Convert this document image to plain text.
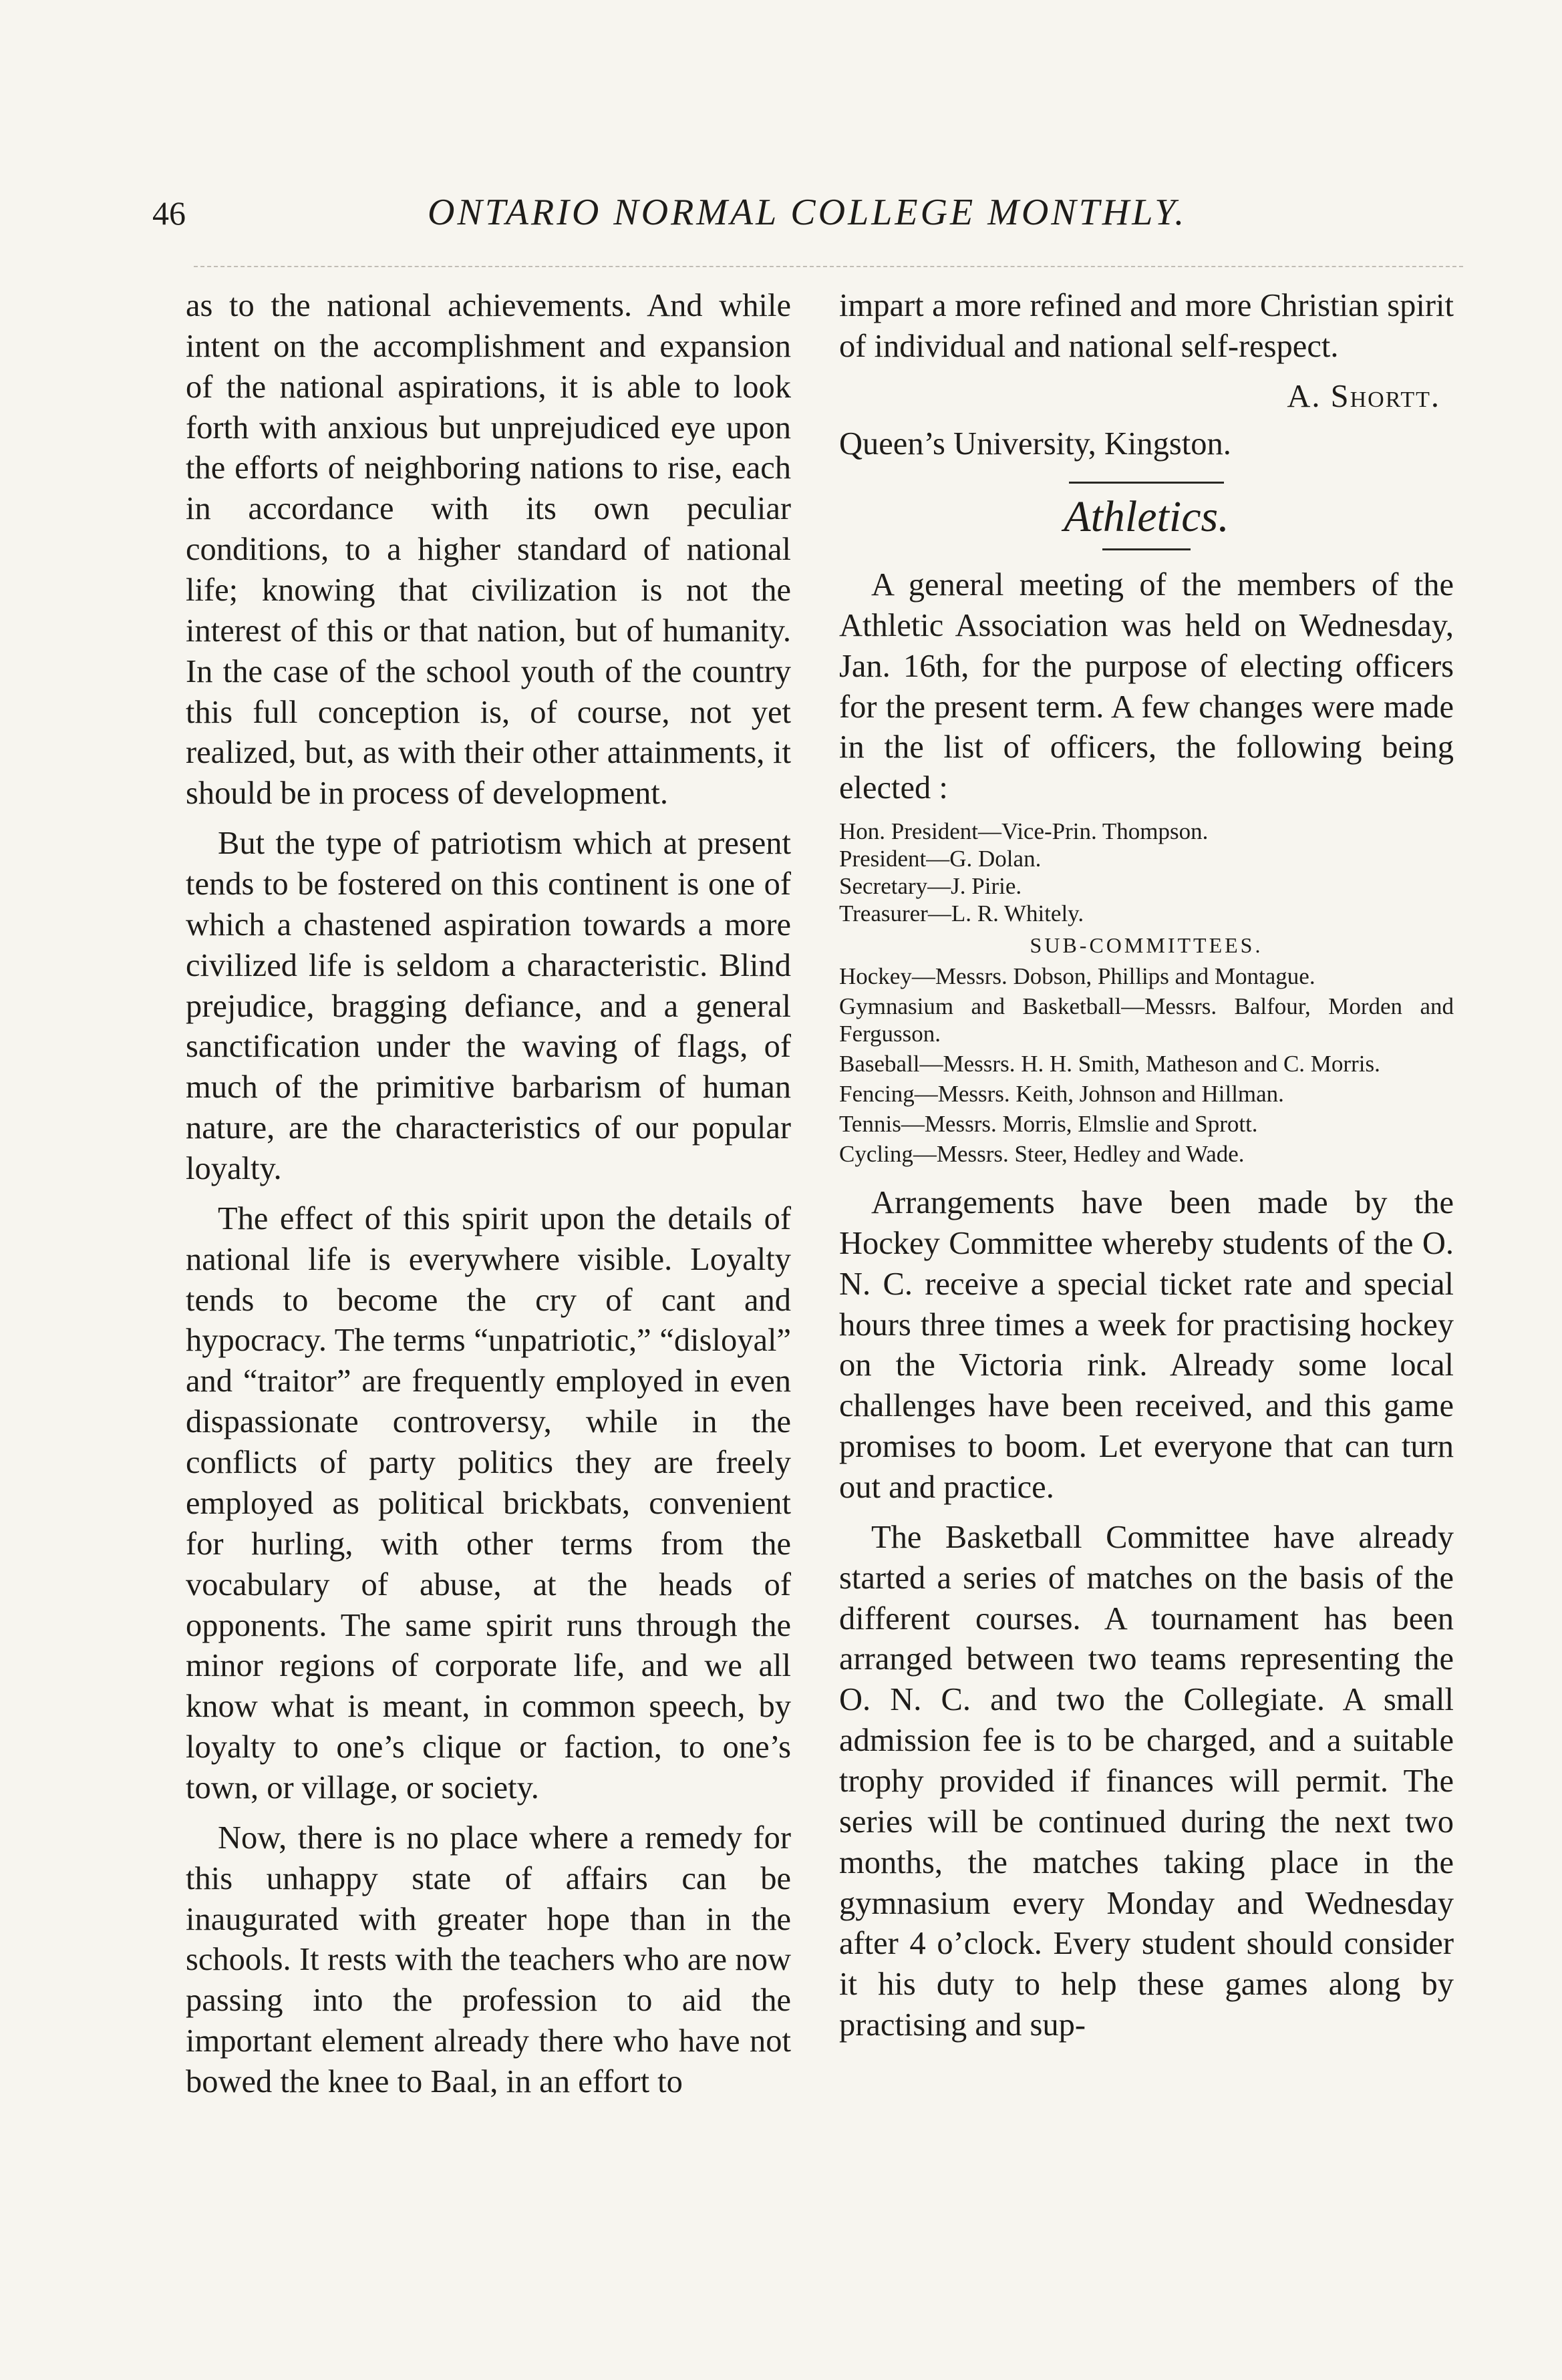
46	ONTARIO NORMAL COLLEGE MONTHLY.

as to the national achievements. And while intent on the accomplishment and expansion of the national aspirations, it is able to look forth with anxious but unprejudiced eye upon the efforts of neighboring nations to rise, each in accordance with its own peculiar conditions, to a higher standard of national life; knowing that civilization is not the interest of this or that nation, but of humanity. In the case of the school youth of the country this full conception is, of course, not yet realized, but, as with their other attainments, it should be in process of development.

But the type of patriotism which at present tends to be fostered on this continent is one of which a chastened aspiration towards a more civilized life is seldom a characteristic. Blind prejudice, bragging defiance, and a general sanctification under the waving of flags, of much of the primitive barbarism of human nature, are the characteristics of our popular loyalty.

The effect of this spirit upon the details of national life is everywhere visible. Loyalty tends to become the cry of cant and hypocracy. The terms “unpatriotic,” “disloyal” and “traitor” are frequently employed in even dispassionate controversy, while in the conflicts of party politics they are freely employed as political brickbats, convenient for hurling, with other terms from the vocabulary of abuse, at the heads of opponents. The same spirit runs through the minor regions of corporate life, and we all know what is meant, in common speech, by loyalty to one’s clique or faction, to one’s town, or village, or society.

Now, there is no place where a remedy for this unhappy state of affairs can be inaugurated with greater hope than in the schools. It rests with the teachers who are now passing into the profession to aid the important element already there who have not bowed the knee to Baal, in an effort to

impart a more refined and more Christian spirit of individual and national self-respect.

A. Shortt.
Queen’s University, Kingston.
Athletics.

A general meeting of the members of the Athletic Association was held on Wednesday, Jan. 16th, for the purpose of electing officers for the present term. A few changes were made in the list of officers, the following being elected :

Hon. President—Vice-Prin. Thompson.
President—G. Dolan.
Secretary—J. Pirie.
Treasurer—L. R. Whitely.
SUB-COMMITTEES.
Hockey—Messrs. Dobson, Phillips and Montague.
Gymnasium and Basketball—Messrs. Balfour, Morden and Fergusson.
Baseball—Messrs. H. H. Smith, Matheson and C. Morris.
Fencing—Messrs. Keith, Johnson and Hillman.
Tennis—Messrs. Morris, Elmslie and Sprott.
Cycling—Messrs. Steer, Hedley and Wade.

Arrangements have been made by the Hockey Committee whereby students of the O. N. C. receive a special ticket rate and special hours three times a week for practising hockey on the Victoria rink. Already some local challenges have been received, and this game promises to boom. Let everyone that can turn out and practice.

The Basketball Committee have already started a series of matches on the basis of the different courses. A tournament has been arranged between two teams representing the O. N. C. and two the Collegiate. A small admission fee is to be charged, and a suitable trophy provided if finances will permit. The series will be continued during the next two months, the matches taking place in the gymnasium every Monday and Wednesday after 4 o’clock. Every student should consider it his duty to help these games along by practising and sup-
